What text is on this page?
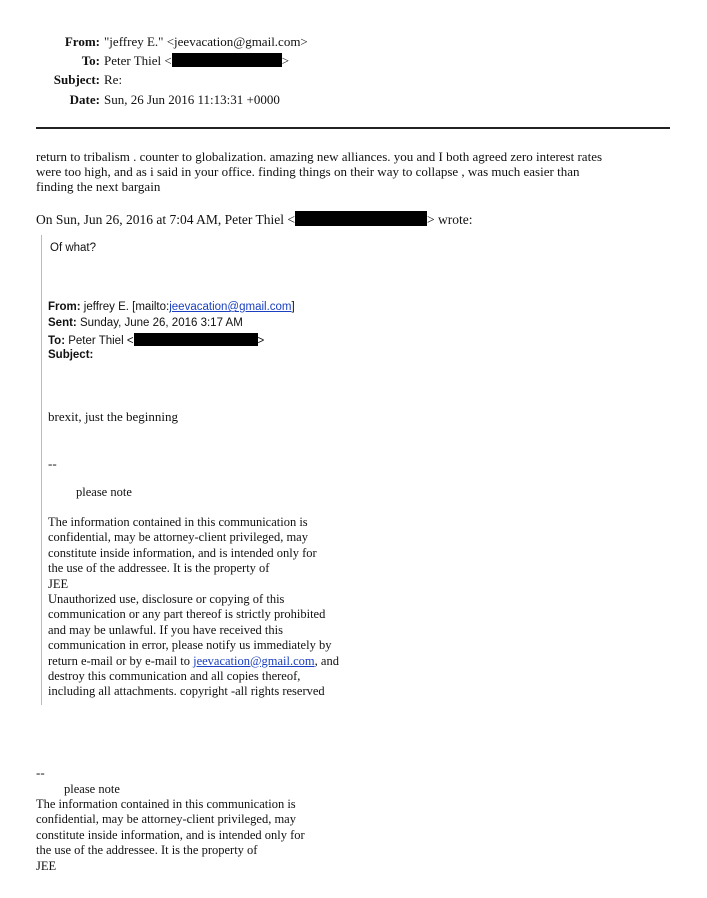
From: "jeffrey E." <jeevacation@gmail.com>
To: Peter Thiel <	>
Subject: Re:
Date: Sun, 26 Jun 2016 11:13:31 +0000
return to tribalism . counter to globalization. amazing new alliances. you and I both agreed zero interest rates
were too high, and as i said in your office. finding things on their way to collapse , was much easier than
finding the next bargain
On Sun, Jun 26, 2016 at 7:04 AM, Peter Thiel <	> wrote:
Of what?
From: jeffrey E. [mailto:jeevacation@gmail.com]
Sent: Sunday, June 26, 2016 3:17 AM
To: Peter Thiel <	>
Subject:
brexit, just the beginning
--
please note
The information contained in this communication is
confidential, may be attorney-client privileged, may
constitute inside information, and is intended only for
the use of the addressee. It is the property of
JEE
Unauthorized use, disclosure or copying of this
communication or any part thereof is strictly prohibited
and may be unlawful. If you have received this
communication in error, please notify us immediately by
return e-mail or by e-mail to jeevacation@gmail.com, and
destroy this communication and all copies thereof,
including all attachments. copyright -all rights reserved
--
please note
The information contained in this communication is
confidential, may be attorney-client privileged, may
constitute inside information, and is intended only for
the use of the addressee. It is the property of
JEE
